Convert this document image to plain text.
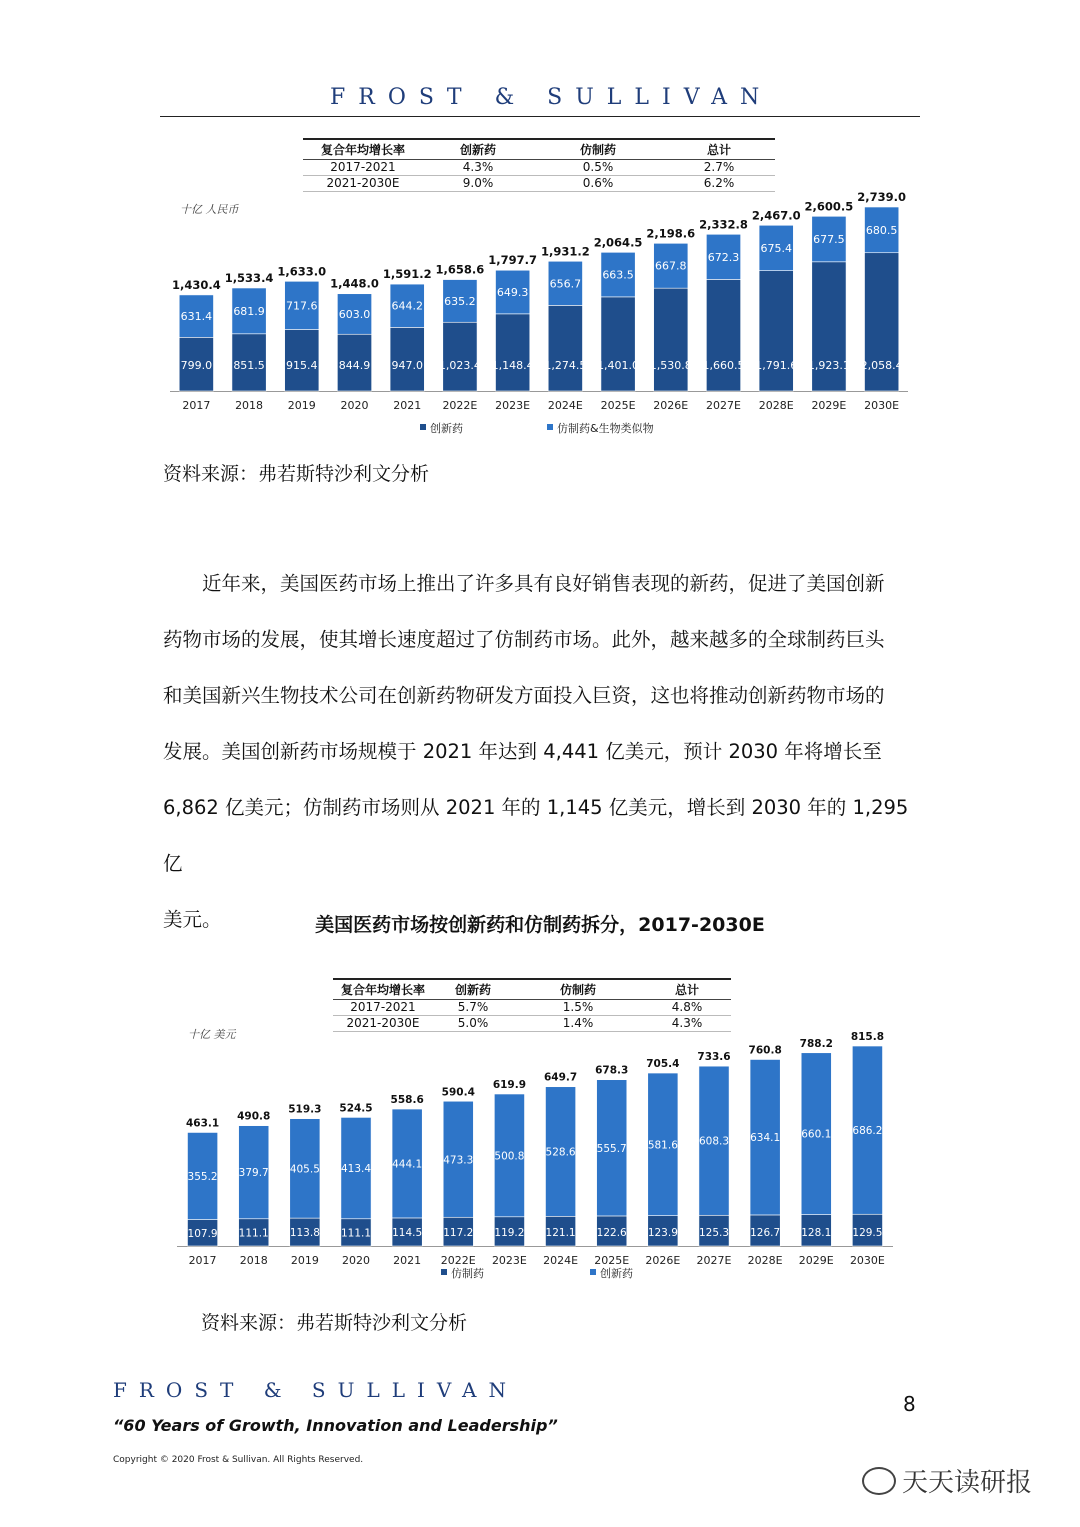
FROST & SULLIVAN
复合年均增长率	创新药	仿制药	总计
2017-2021	4.3%	0.5%	2.7%
2021-2030E	9.0%	0.6%	6.2%
十亿 人民币
799.0
631.4
1,430.4
2017
851.5
681.9
1,533.4
2018
915.4
717.6
1,633.0
2019
844.9
603.0
1,448.0
2020
947.0
644.2
1,591.2
2021
1,023.4
635.2
1,658.6
2022E
1,148.4
649.3
1,797.7
2023E
1,274.5
656.7
1,931.2
2024E
1,401.0
663.5
2,064.5
2025E
1,530.8
667.8
2,198.6
2026E
1,660.5
672.3
2,332.8
2027E
1,791.6
675.4
2,467.0
2028E
1,923.1
677.5
2,600.5
2029E
2,058.4
680.5
2,739.0
2030E
创新药	仿制药&生物类似物
107.9
355.2
463.1
2017
111.1
379.7
490.8
2018
113.8
405.5
519.3
2019
111.1
413.4
524.5
2020
114.5
444.1
558.6
2021
117.2
473.3
590.4
2022E
119.2
500.8
619.9
2023E
121.1
528.6
649.7
2024E
122.6
555.7
678.3
2025E
123.9
581.6
705.4
2026E
125.3
608.3
733.6
2027E
126.7
634.1
760.8
2028E
128.1
660.1
788.2
2029E
129.5
686.2
815.8
2030E
仿制药	创新药
资料来源：弗若斯特沙利文分析
近年来，美国医药市场上推出了许多具有良好销售表现的新药，促进了美国创新
药物市场的发展，使其增长速度超过了仿制药市场。此外，越来越多的全球制药巨头
和美国新兴生物技术公司在创新药物研发方面投入巨资，这也将推动创新药物市场的
发展。美国创新药市场规模于 2021 年达到 4,441 亿美元，预计 2030 年将增长至
6,862 亿美元；仿制药市场则从 2021 年的 1,145 亿美元，增长到 2030 年的 1,295 亿
美元。	美国医药市场按创新药和仿制药拆分，2017-2030E
复合年均增长率	创新药	仿制药	总计
2017-2021	5.7%	1.5%	4.8%
2021-2030E	5.0%	1.4%	4.3%
十亿 美元
资料来源：弗若斯特沙利文分析
FROST & SULLIVAN
8
“60 Years of Growth, Innovation and Leadership”
Copyright © 2020 Frost & Sullivan. All Rights Reserved.
天天读研报
